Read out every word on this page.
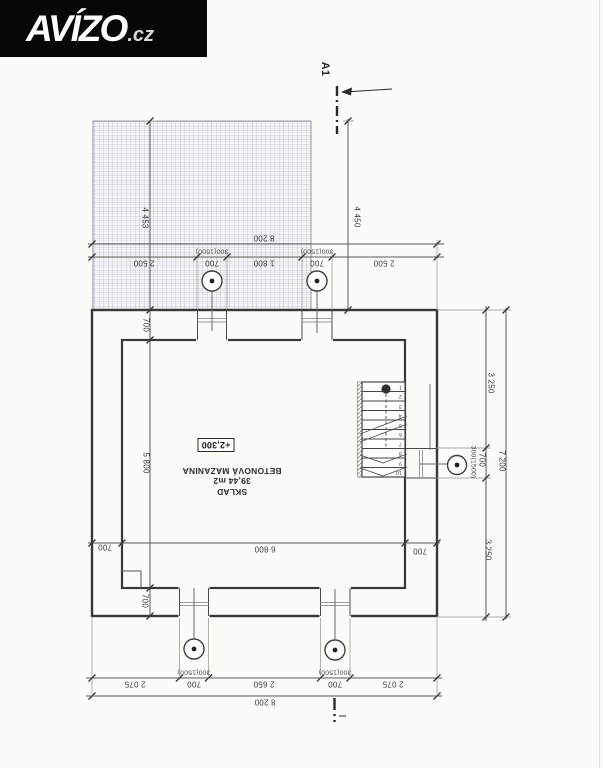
AVÍZO .cz
8 200
2 500	700	1 800	700	2 500
300(1500)	300(1500)
4 453	4 450
700
5 800
700
700	6 800	700
3 250
700
300(1500)	7 200
3 250
2 075	700	2 650	700	2 075
300(1500)	300(1500)
8 200
A1
+2,300
SKLAD
39,44 m2
BETONOVÁ MAZANINA
1
2
3
4
5
6
7
8
9
10
